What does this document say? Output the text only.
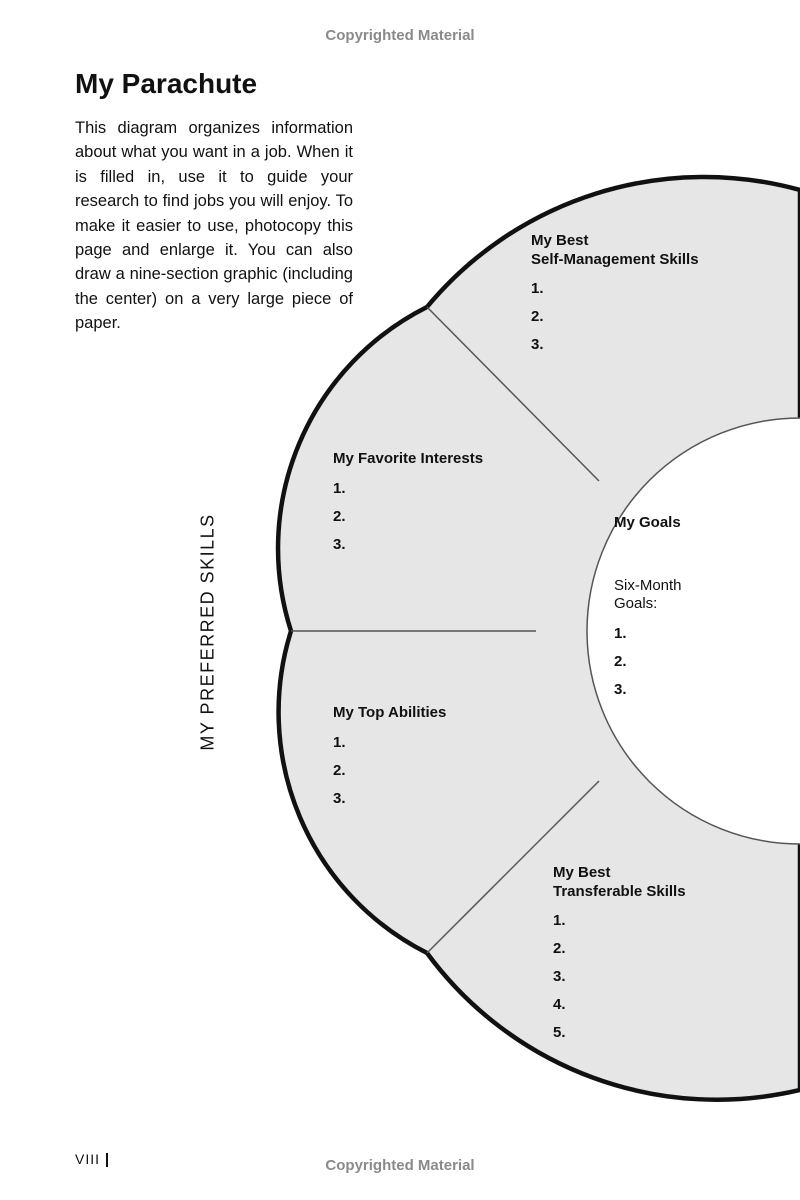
Copyrighted Material
My Parachute

This diagram organizes information about what you want in a job. When it is filled in, use it to guide your research to find jobs you will enjoy. To make it easier to use, photocopy this page and enlarge it. You can also draw a nine-section graphic (including the center) on a very large piece of paper.

MY PREFERRED SKILLS
My Best
Self-Management Skills
1.
2.
3.
My Favorite Interests
1.
2.
3.
My Top Abilities
1.
2.
3.
My Best
Transferable Skills
1.
2.
3.
4.
5.
My Goals
Six-Month
Goals:
1.
2.
3.
VIII	Copyrighted Material
